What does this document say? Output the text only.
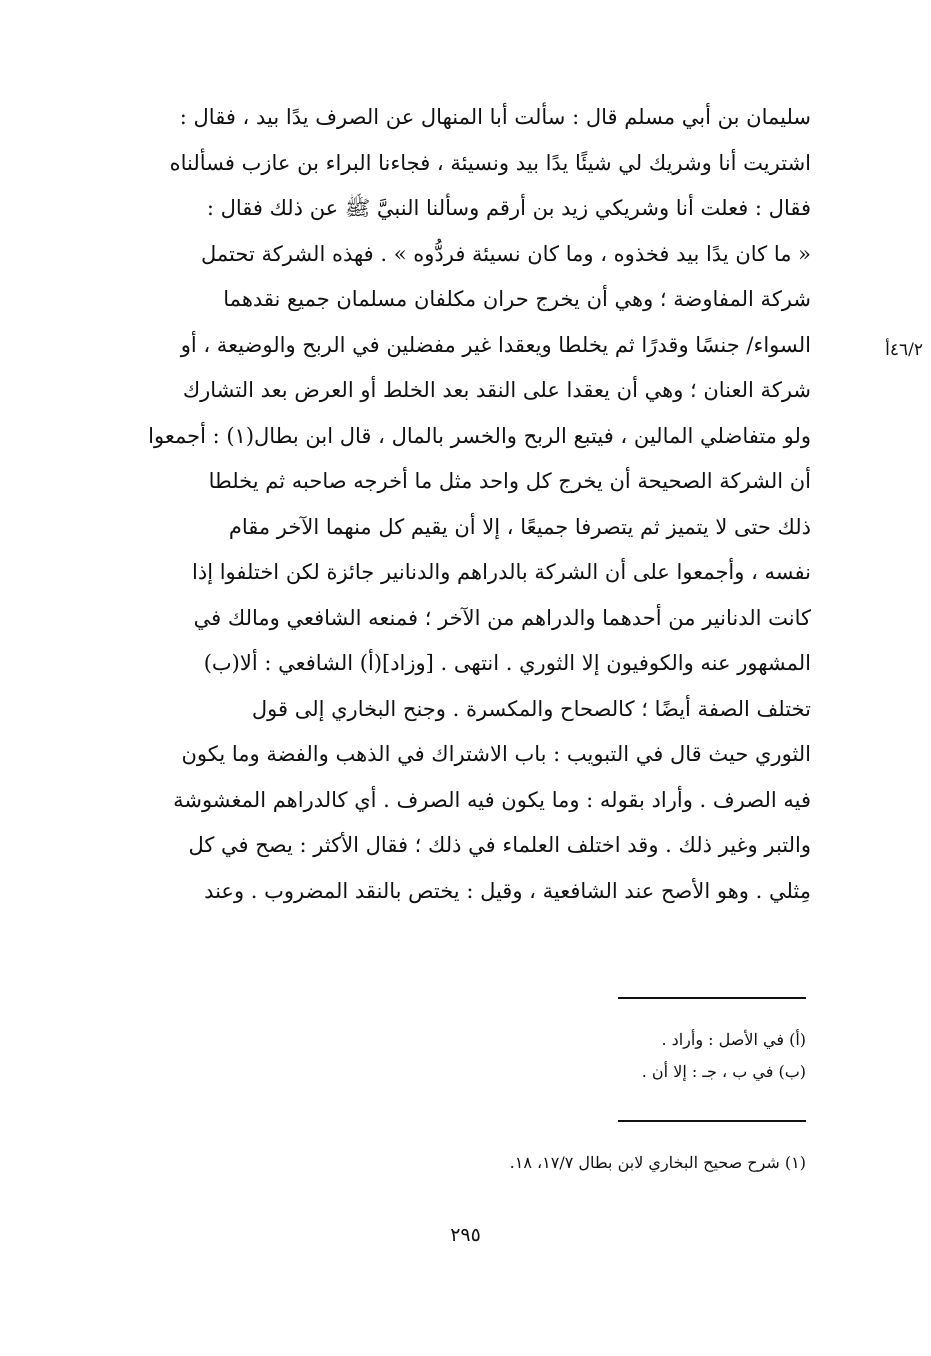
سليمان بن أبي مسلم قال : سألت أبا المنهال عن الصرف يدًا بيد ، فقال :
اشتريت أنا وشريك لي شيئًا يدًا بيد ونسيئة ، فجاءنا البراء بن عازب فسألناه
فقال : فعلت أنا وشريكي زيد بن أرقم وسألنا النبيَّ ﷺ عن ذلك فقال :
« ما كان يدًا بيد فخذوه ، وما كان نسيئة فردُّوه » . فهذه الشركة تحتمل
شركة المفاوضة ؛ وهي أن يخرج حران مكلفان مسلمان جميع نقدهما
السواء/ جنسًا وقدرًا ثم يخلطا ويعقدا غير مفضلين في الربح والوضيعة ، أو
شركة العنان ؛ وهي أن يعقدا على النقد بعد الخلط أو العرض بعد التشارك
ولو متفاضلي المالين ، فيتبع الربح والخسر بالمال ، قال ابن بطال(١) : أجمعوا
أن الشركة الصحيحة أن يخرج كل واحد مثل ما أخرجه صاحبه ثم يخلطا
ذلك حتى لا يتميز ثم يتصرفا جميعًا ، إلا أن يقيم كل منهما الآخر مقام
نفسه ، وأجمعوا على أن الشركة بالدراهم والدنانير جائزة لكن اختلفوا إذا
كانت الدنانير من أحدهما والدراهم من الآخر ؛ فمنعه الشافعي ومالك في
المشهور عنه والكوفيون إلا الثوري . انتهى . [وزاد](أ) الشافعي : ألا(ب)
تختلف الصفة أيضًا ؛ كالصحاح والمكسرة . وجنح البخاري إلى قول
الثوري حيث قال في التبويب : باب الاشتراك في الذهب والفضة وما يكون
فيه الصرف . وأراد بقوله : وما يكون فيه الصرف . أي كالدراهم المغشوشة
والتبر وغير ذلك . وقد اختلف العلماء في ذلك ؛ فقال الأكثر : يصح في كل
مِثلي . وهو الأصح عند الشافعية ، وقيل : يختص بالنقد المضروب . وعند
٤٦/٢أ
(أ) في الأصل : وأراد .
(ب) في ب ، جـ : إلا أن .
(١) شرح صحيح البخاري لابن بطال ١٧/٧، ١٨.
٢٩٥
